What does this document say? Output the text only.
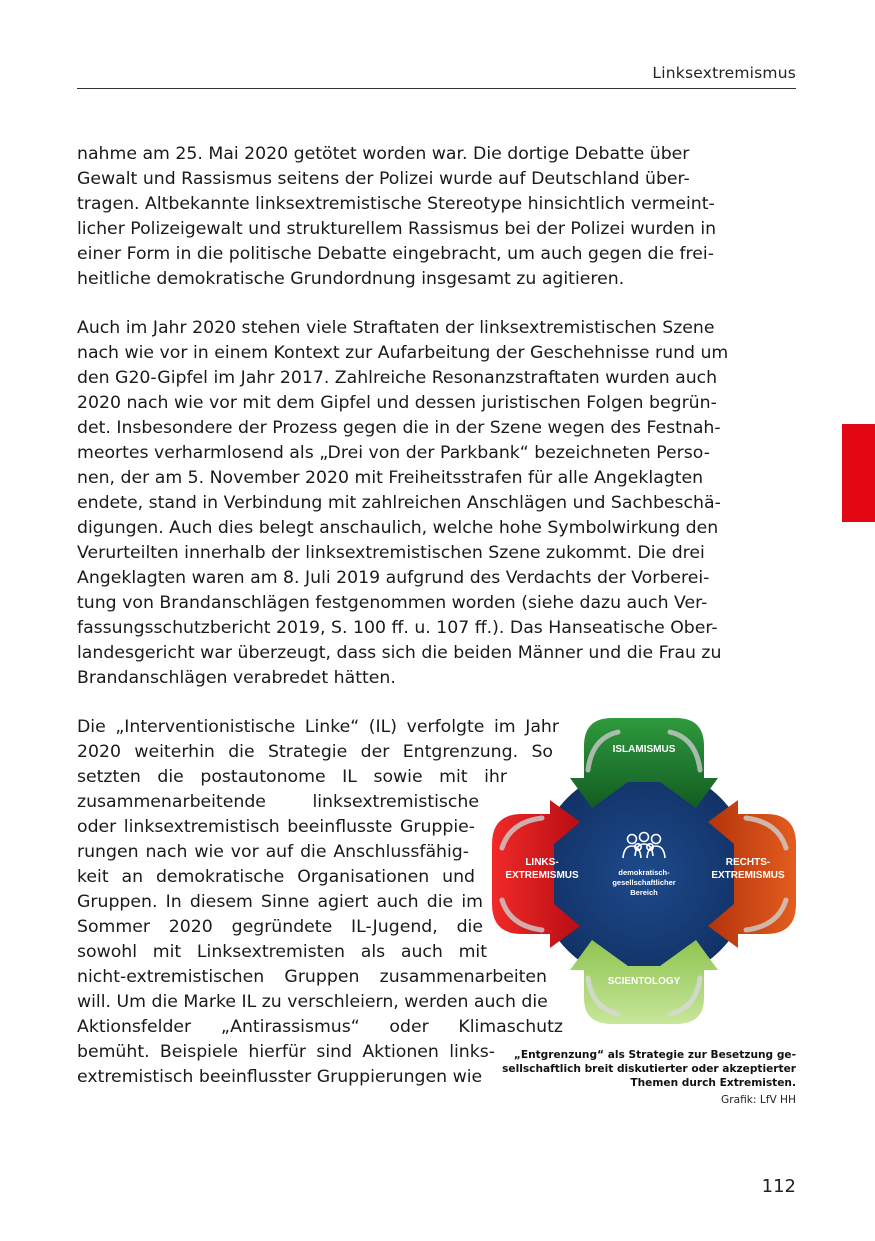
Linksextremismus
nahme am 25. Mai 2020 getötet worden war. Die dortige Debatte über
Gewalt und Rassismus seitens der Polizei wurde auf Deutschland über-
tragen. Altbekannte linksextremistische Stereotype hinsichtlich vermeint-
licher Polizeigewalt und strukturellem Rassismus bei der Polizei wurden in
einer Form in die politische Debatte eingebracht, um auch gegen die frei-
heitliche demokratische Grundordnung insgesamt zu agitieren.
Auch im Jahr 2020 stehen viele Straftaten der linksextremistischen Szene
nach wie vor in einem Kontext zur Aufarbeitung der Geschehnisse rund um
den G20-Gipfel im Jahr 2017. Zahlreiche Resonanzstraftaten wurden auch
2020 nach wie vor mit dem Gipfel und dessen juristischen Folgen begrün-
det. Insbesondere der Prozess gegen die in der Szene wegen des Festnah-
meortes verharmlosend als „Drei von der Parkbank“ bezeichneten Perso-
nen, der am 5. November 2020 mit Freiheitsstrafen für alle Angeklagten
endete, stand in Verbindung mit zahlreichen Anschlägen und Sachbeschä-
digungen. Auch dies belegt anschaulich, welche hohe Symbolwirkung den
Verurteilten innerhalb der linksextremistischen Szene zukommt. Die drei
Angeklagten waren am 8. Juli 2019 aufgrund des Verdachts der Vorberei-
tung von Brandanschlägen festgenommen worden (siehe dazu auch Ver-
fassungsschutzbericht 2019, S. 100 ff. u. 107 ff.). Das Hanseatische Ober-
landesgericht war überzeugt, dass sich die beiden Männer und die Frau zu
Brandanschlägen verabredet hätten.
Die „Interventionistische Linke“ (IL) verfolgte im Jahr
2020 weiterhin die Strategie der Entgrenzung. So
setzten die postautonome IL sowie mit ihr
zusammenarbeitende linksextremistische
oder linksextremistisch beeinflusste Gruppie-
rungen nach wie vor auf die Anschlussfähig-
keit an demokratische Organisationen und
Gruppen. In diesem Sinne agiert auch die im
Sommer 2020 gegründete IL-Jugend, die
sowohl mit Linksextremisten als auch mit
nicht-extremistischen Gruppen zusammenarbeiten
will. Um die Marke IL zu verschleiern, werden auch die
Aktionsfelder „Antirassismus“ oder Klimaschutz
bemüht. Beispiele hierfür sind Aktionen links-
extremistisch beeinflusster Gruppierungen wie
ISLAMISMUS
SCIENTOLOGY
LINKS-
EXTREMISMUS
RECHTS-
EXTREMISMUS
demokratisch-
gesellschaftlicher
Bereich
„Entgrenzung“ als Strategie zur Besetzung ge-
sellschaftlich breit diskutierter oder akzeptierter
Themen durch Extremisten.
Grafik: LfV HH
112
